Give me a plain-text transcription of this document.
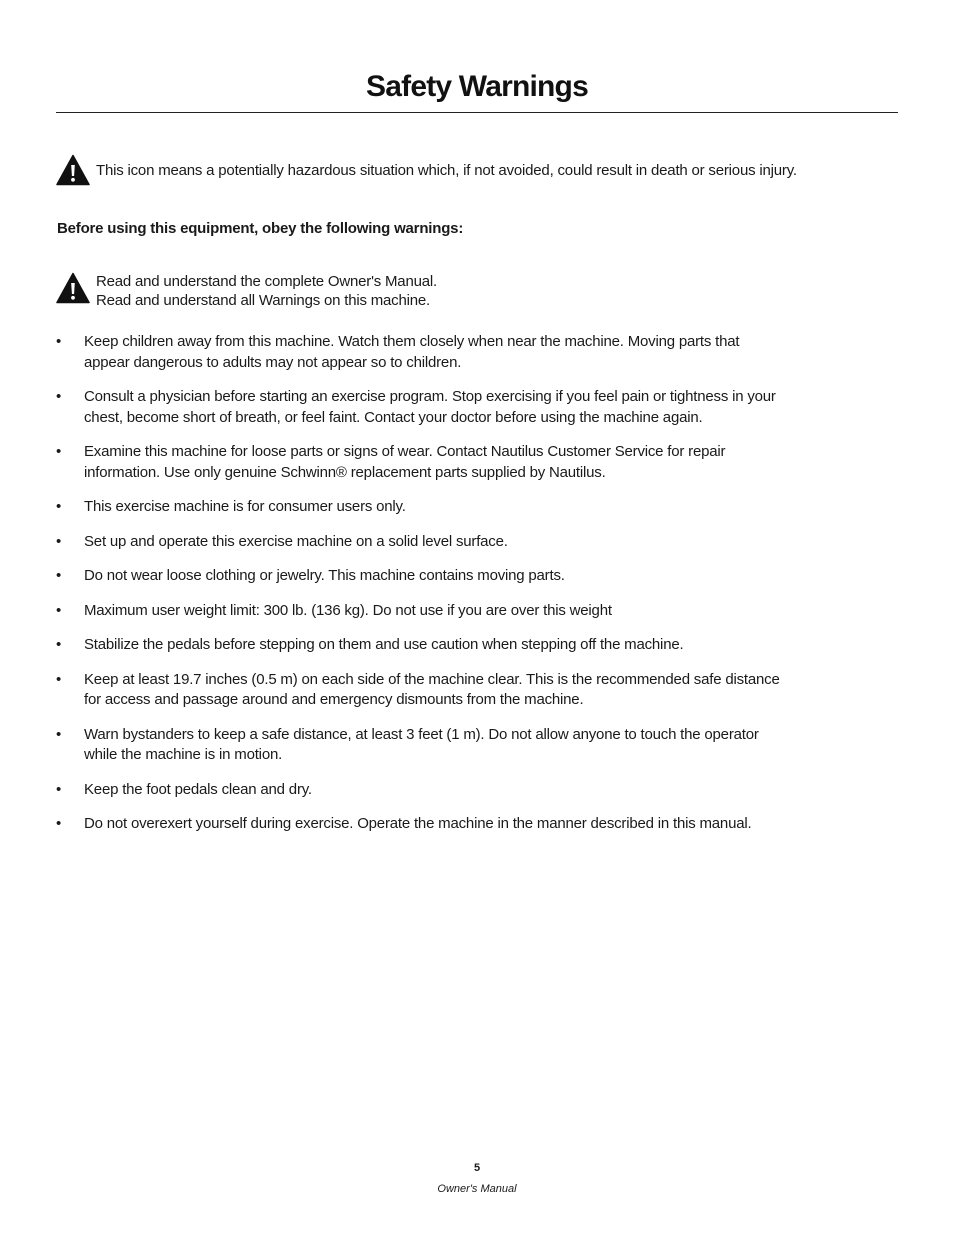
Safety Warnings

This icon means a potentially hazardous situation which, if not avoided, could result in death or serious injury.

Before using this equipment, obey the following warnings:

Read and understand the complete Owner's Manual.

Read and understand all Warnings on this machine.

• Keep children away from this machine. Watch them closely when near the machine. Moving parts that
appear dangerous to adults may not appear so to children.
• Consult a physician before starting an exercise program. Stop exercising if you feel pain or tightness in your
chest, become short of breath, or feel faint. Contact your doctor before using the machine again.
• Examine this machine for loose parts or signs of wear. Contact Nautilus Customer Service for repair
information. Use only genuine Schwinn® replacement parts supplied by Nautilus.
• This exercise machine is for consumer users only.
• Set up and operate this exercise machine on a solid level surface.
• Do not wear loose clothing or jewelry. This machine contains moving parts.
• Maximum user weight limit: 300 lb. (136 kg). Do not use if you are over this weight
• Stabilize the pedals before stepping on them and use caution when stepping off the machine.
• Keep at least 19.7 inches (0.5 m) on each side of the machine clear. This is the recommended safe distance
for access and passage around and emergency dismounts from the machine.
• Warn bystanders to keep a safe distance, at least 3 feet (1 m). Do not allow anyone to touch the operator
while the machine is in motion.
• Keep the foot pedals clean and dry.
• Do not overexert yourself during exercise. Operate the machine in the manner described in this manual.
5
Owner's Manual
